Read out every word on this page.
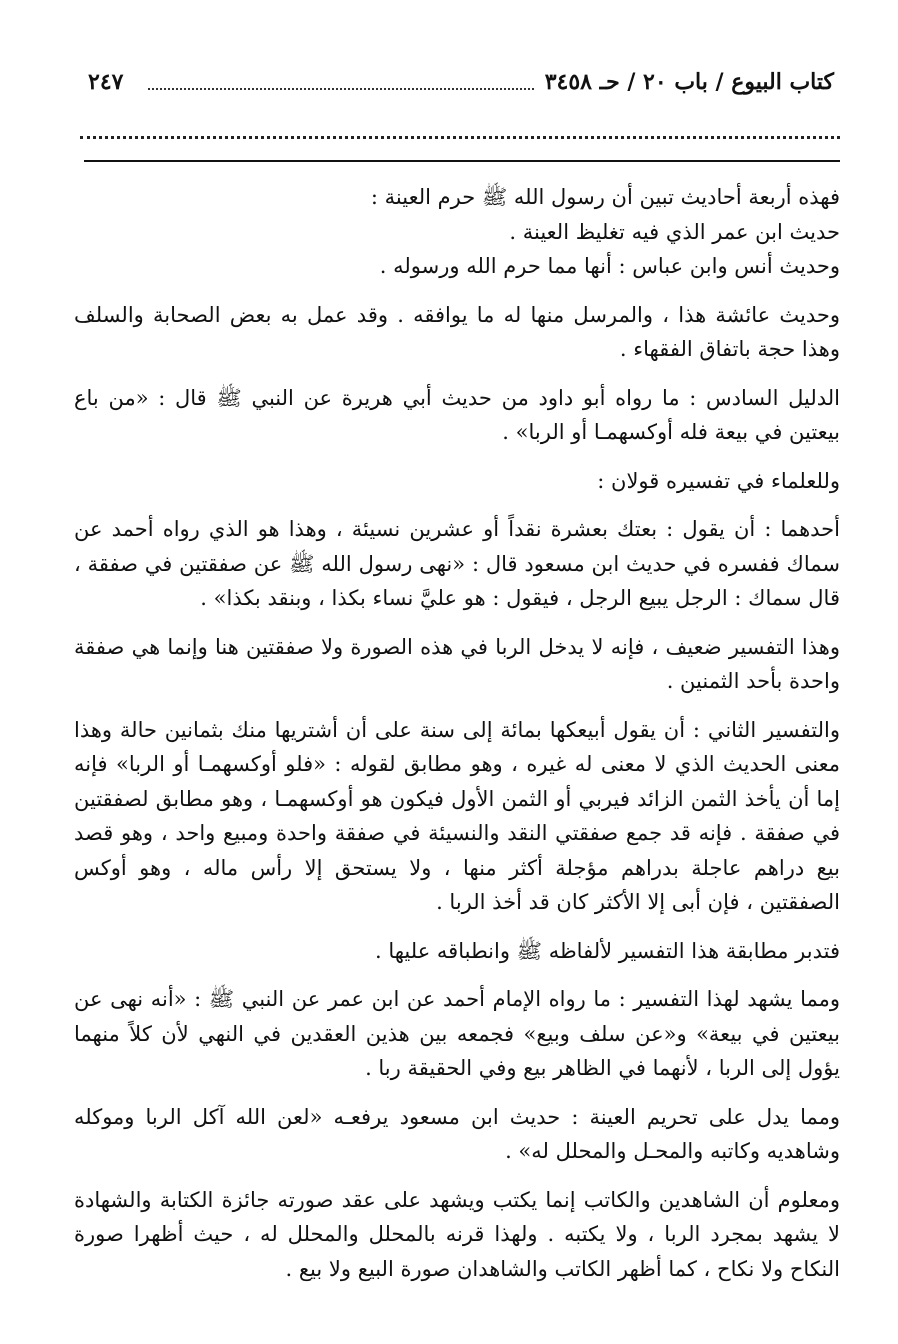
كتاب البيوع / باب ٢٠ / حـ ٣٤٥٨
٢٤٧

فهذه أربعة أحاديث تبين أن رسول الله ﷺ حرم العينة :

حديث ابن عمر الذي فيه تغليظ العينة .

وحديث أنس وابن عباس : أنها مما حرم الله ورسوله .

وحديث عائشة هذا ، والمرسل منها له ما يوافقه . وقد عمل به بعض الصحابة والسلف وهذا حجة باتفاق الفقهاء .

الدليل السادس : ما رواه أبو داود من حديث أبي هريرة عن النبي ﷺ قال : «من باع بيعتين في بيعة فله أوكسهمـا أو الربا» .

وللعلماء في تفسيره قولان :

أحدهما : أن يقول : بعتك بعشرة نقداً أو عشرين نسيئة ، وهذا هو الذي رواه أحمد عن سماك ففسره في حديث ابن مسعود قال : «نهى رسول الله ﷺ عن صفقتين في صفقة ، قال سماك : الرجل يبيع الرجل ، فيقول : هو عليَّ نساء بكذا ، وبنقد بكذا» .

وهذا التفسير ضعيف ، فإنه لا يدخل الربا في هذه الصورة ولا صفقتين هنا وإنما هي صفقة واحدة بأحد الثمنين .

والتفسير الثاني : أن يقول أبيعكها بمائة إلى سنة على أن أشتريها منك بثمانين حالة وهذا معنى الحديث الذي لا معنى له غيره ، وهو مطابق لقوله : «فلو أوكسهمـا أو الربا» فإنه إما أن يأخذ الثمن الزائد فيربي أو الثمن الأول فيكون هو أوكسهمـا ، وهو مطابق لصفقتين في صفقة . فإنه قد جمع صفقتي النقد والنسيئة في صفقة واحدة ومبيع واحد ، وهو قصد بيع دراهم عاجلة بدراهم مؤجلة أكثر منها ، ولا يستحق إلا رأس ماله ، وهو أوكس الصفقتين ، فإن أبى إلا الأكثر كان قد أخذ الربا .

فتدبر مطابقة هذا التفسير لألفاظه ﷺ وانطباقه عليها .

ومما يشهد لهذا التفسير : ما رواه الإمام أحمد عن ابن عمر عن النبي ﷺ : «أنه نهى عن بيعتين في بيعة» و«عن سلف وبيع» فجمعه بين هذين العقدين في النهي لأن كلاً منهما يؤول إلى الربا ، لأنهما في الظاهر بيع وفي الحقيقة ربا .

ومما يدل على تحريم العينة : حديث ابن مسعود يرفعـه «لعن الله آكل الربا وموكله وشاهديه وكاتبه والمحـل والمحلل له» .

ومعلوم أن الشاهدين والكاتب إنما يكتب ويشهد على عقد صورته جائزة الكتابة والشهادة لا يشهد بمجرد الربا ، ولا يكتبه . ولهذا قرنه بالمحلل والمحلل له ، حيث أظهرا صورة النكاح ولا نكاح ، كما أظهر الكاتب والشاهدان صورة البيع ولا بيع .
